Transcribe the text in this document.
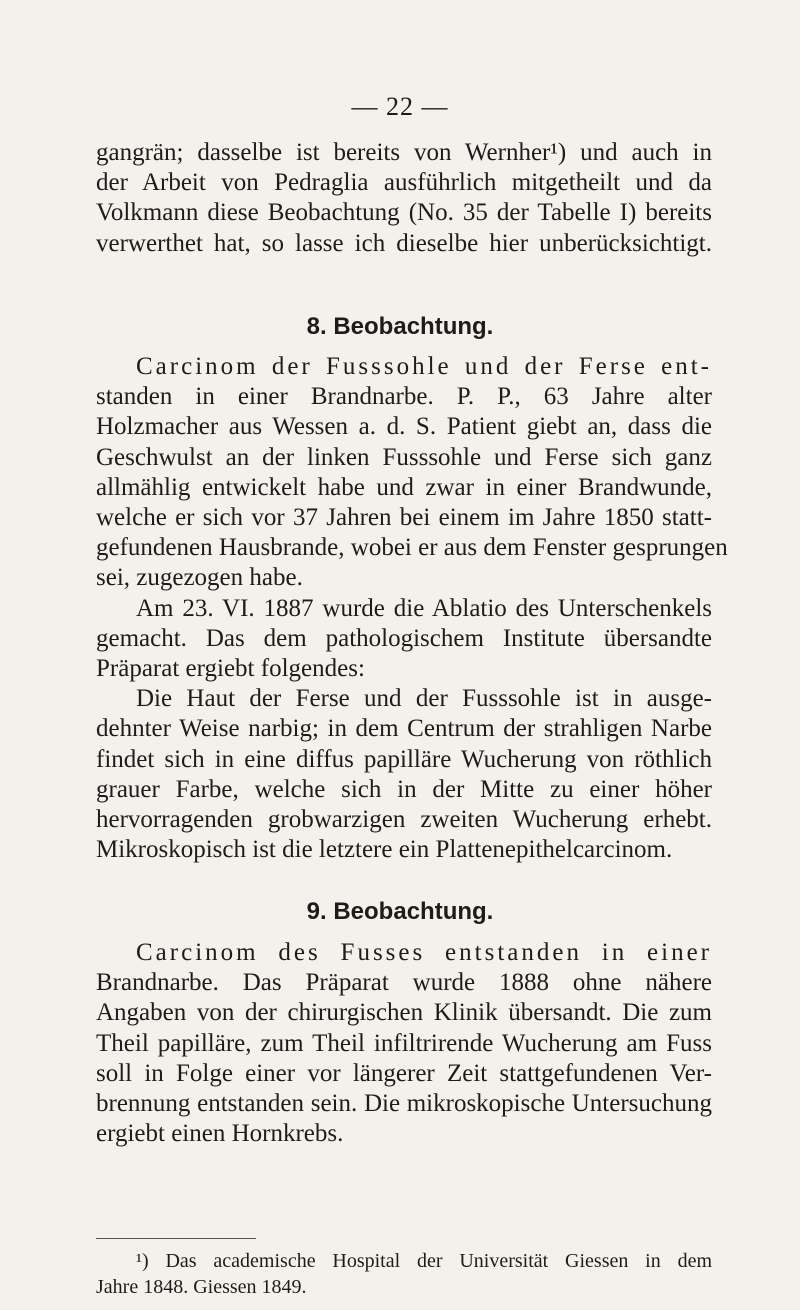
— 22 —
gangrän; dasselbe ist bereits von Wernher¹) und auch in
der Arbeit von Pedraglia ausführlich mitgetheilt und da
Volkmann diese Beobachtung (No. 35 der Tabelle I) bereits
verwerthet hat, so lasse ich dieselbe hier unberücksichtigt.
8. Beobachtung.
Carcinom der Fusssohle und der Ferse ent-
standen in einer Brandnarbe. P. P., 63 Jahre alter
Holzmacher aus Wessen a. d. S. Patient giebt an, dass die
Geschwulst an der linken Fusssohle und Ferse sich ganz
allmählig entwickelt habe und zwar in einer Brandwunde,
welche er sich vor 37 Jahren bei einem im Jahre 1850 statt-
gefundenen Hausbrande, wobei er aus dem Fenster gesprungen
sei, zugezogen habe.
Am 23. VI. 1887 wurde die Ablatio des Unterschenkels
gemacht. Das dem pathologischem Institute übersandte
Präparat ergiebt folgendes:
Die Haut der Ferse und der Fusssohle ist in ausge-
dehnter Weise narbig; in dem Centrum der strahligen Narbe
findet sich in eine diffus papilläre Wucherung von röthlich
grauer Farbe, welche sich in der Mitte zu einer höher
hervorragenden grobwarzigen zweiten Wucherung erhebt.
Mikroskopisch ist die letztere ein Plattenepithelcarcinom.
9. Beobachtung.
Carcinom des Fusses entstanden in einer
Brandnarbe. Das Präparat wurde 1888 ohne nähere
Angaben von der chirurgischen Klinik übersandt. Die zum
Theil papilläre, zum Theil infiltrirende Wucherung am Fuss
soll in Folge einer vor längerer Zeit stattgefundenen Ver-
brennung entstanden sein. Die mikroskopische Untersuchung
ergiebt einen Hornkrebs.
¹) Das academische Hospital der Universität Giessen in dem
Jahre 1848. Giessen 1849.
